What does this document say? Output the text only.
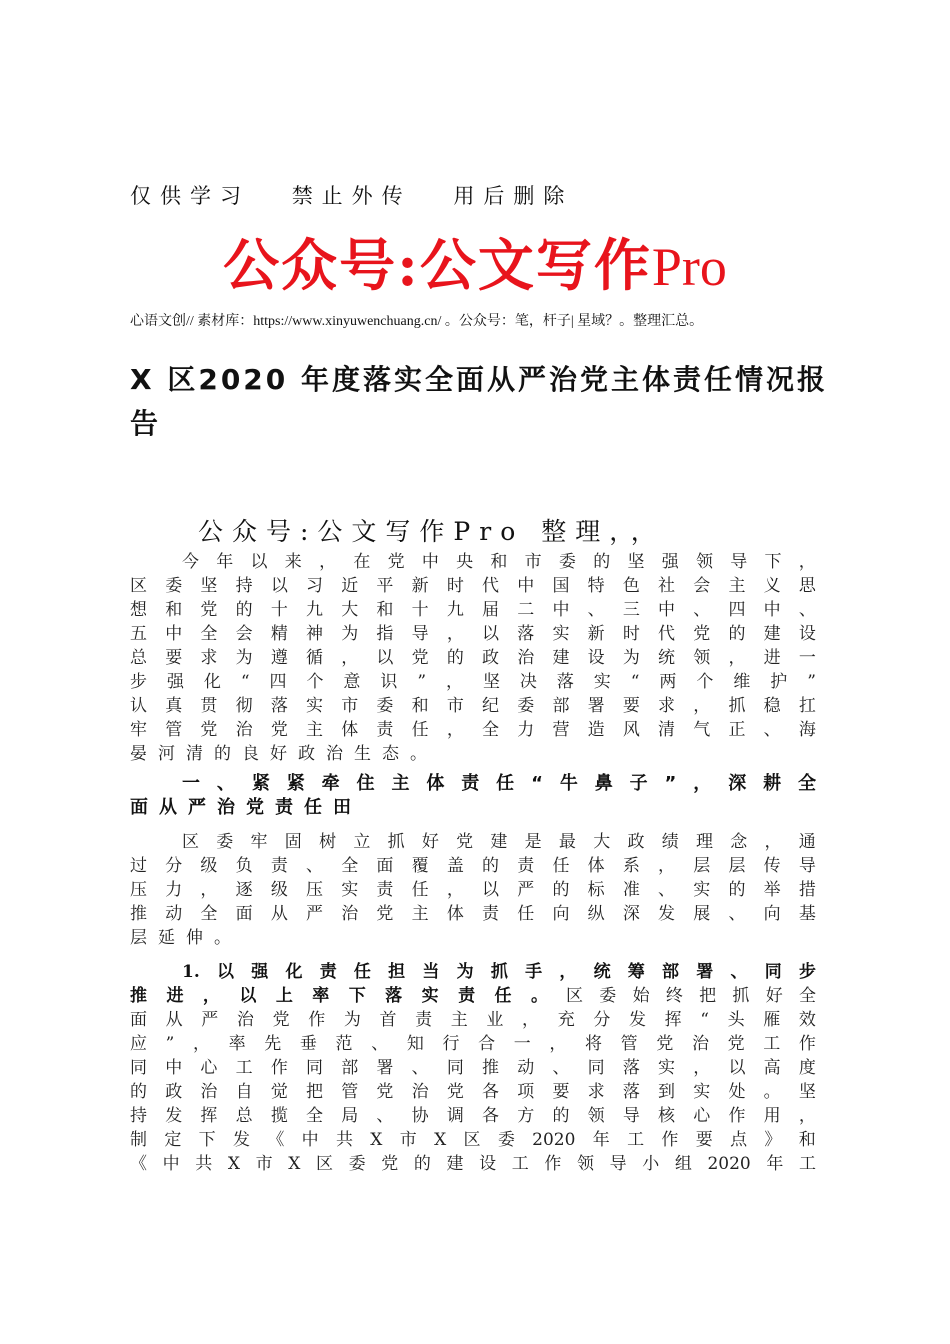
仅供学习 禁止外传 用后删除
公众号:公文写作Pro
心语文创// 素材库：https://www.xinyuwenchuang.cn/ 。公众号：笔，杆子| 星域？。整理汇总。
X 区2020 年度落实全面从严治党主体责任情况报告
公众号:公文写作Pro 整理，，
今 年 以 来 ， 在 党 中 央 和 市 委 的 坚 强 领 导 下 ，
区 委 坚 持 以 习 近 平 新 时 代 中 国 特 色 社 会 主 义 思
想 和 党 的 十 九 大 和 十 九 届 二 中 、 三 中 、 四 中 、
五 中 全 会 精 神 为 指 导 ， 以 落 实 新 时 代 党 的 建 设
总 要 求 为 遵 循 ， 以 党 的 政 治 建 设 为 统 领 ， 进 一
步 强 化 “ 四 个 意 识 ” ， 坚 决 落 实 “ 两 个 维 护 ”
认 真 贯 彻 落 实 市 委 和 市 纪 委 部 署 要 求 ， 抓 稳 扛
牢 管 党 治 党 主 体 责 任 ， 全 力 营 造 风 清 气 正 、 海
晏 河 清 的 良 好 政 治 生 态 。
一 、 紧 紧 牵 住 主 体 责 任 “ 牛 鼻 子 ” ， 深 耕 全
面 从 严 治 党 责 任 田
区 委 牢 固 树 立 抓 好 党 建 是 最 大 政 绩 理 念 ， 通
过 分 级 负 责 、 全 面 覆 盖 的 责 任 体 系 ， 层 层 传 导
压 力 ， 逐 级 压 实 责 任 ， 以 严 的 标 准 、 实 的 举 措
推 动 全 面 从 严 治 党 主 体 责 任 向 纵 深 发 展 、 向 基
层 延 伸 。
1. 以 强 化 责 任 担 当 为 抓 手 ， 统 筹 部 署 、 同 步
推 进 ， 以 上 率 下 落 实 责 任 。 区 委 始 终 把 抓 好 全
面 从 严 治 党 作 为 首 责 主 业 ， 充 分 发 挥 “ 头 雁 效
应 ” ， 率 先 垂 范 、 知 行 合 一 ， 将 管 党 治 党 工 作
同 中 心 工 作 同 部 署 、 同 推 动 、 同 落 实 ， 以 高 度
的 政 治 自 觉 把 管 党 治 党 各 项 要 求 落 到 实 处 。 坚
持 发 挥 总 揽 全 局 、 协 调 各 方 的 领 导 核 心 作 用 ，
制 定 下 发 《 中 共 X 市 X 区 委 2020 年 工 作 要 点 》 和
《 中 共 X 市 X 区 委 党 的 建 设 工 作 领 导 小 组 2020 年 工
